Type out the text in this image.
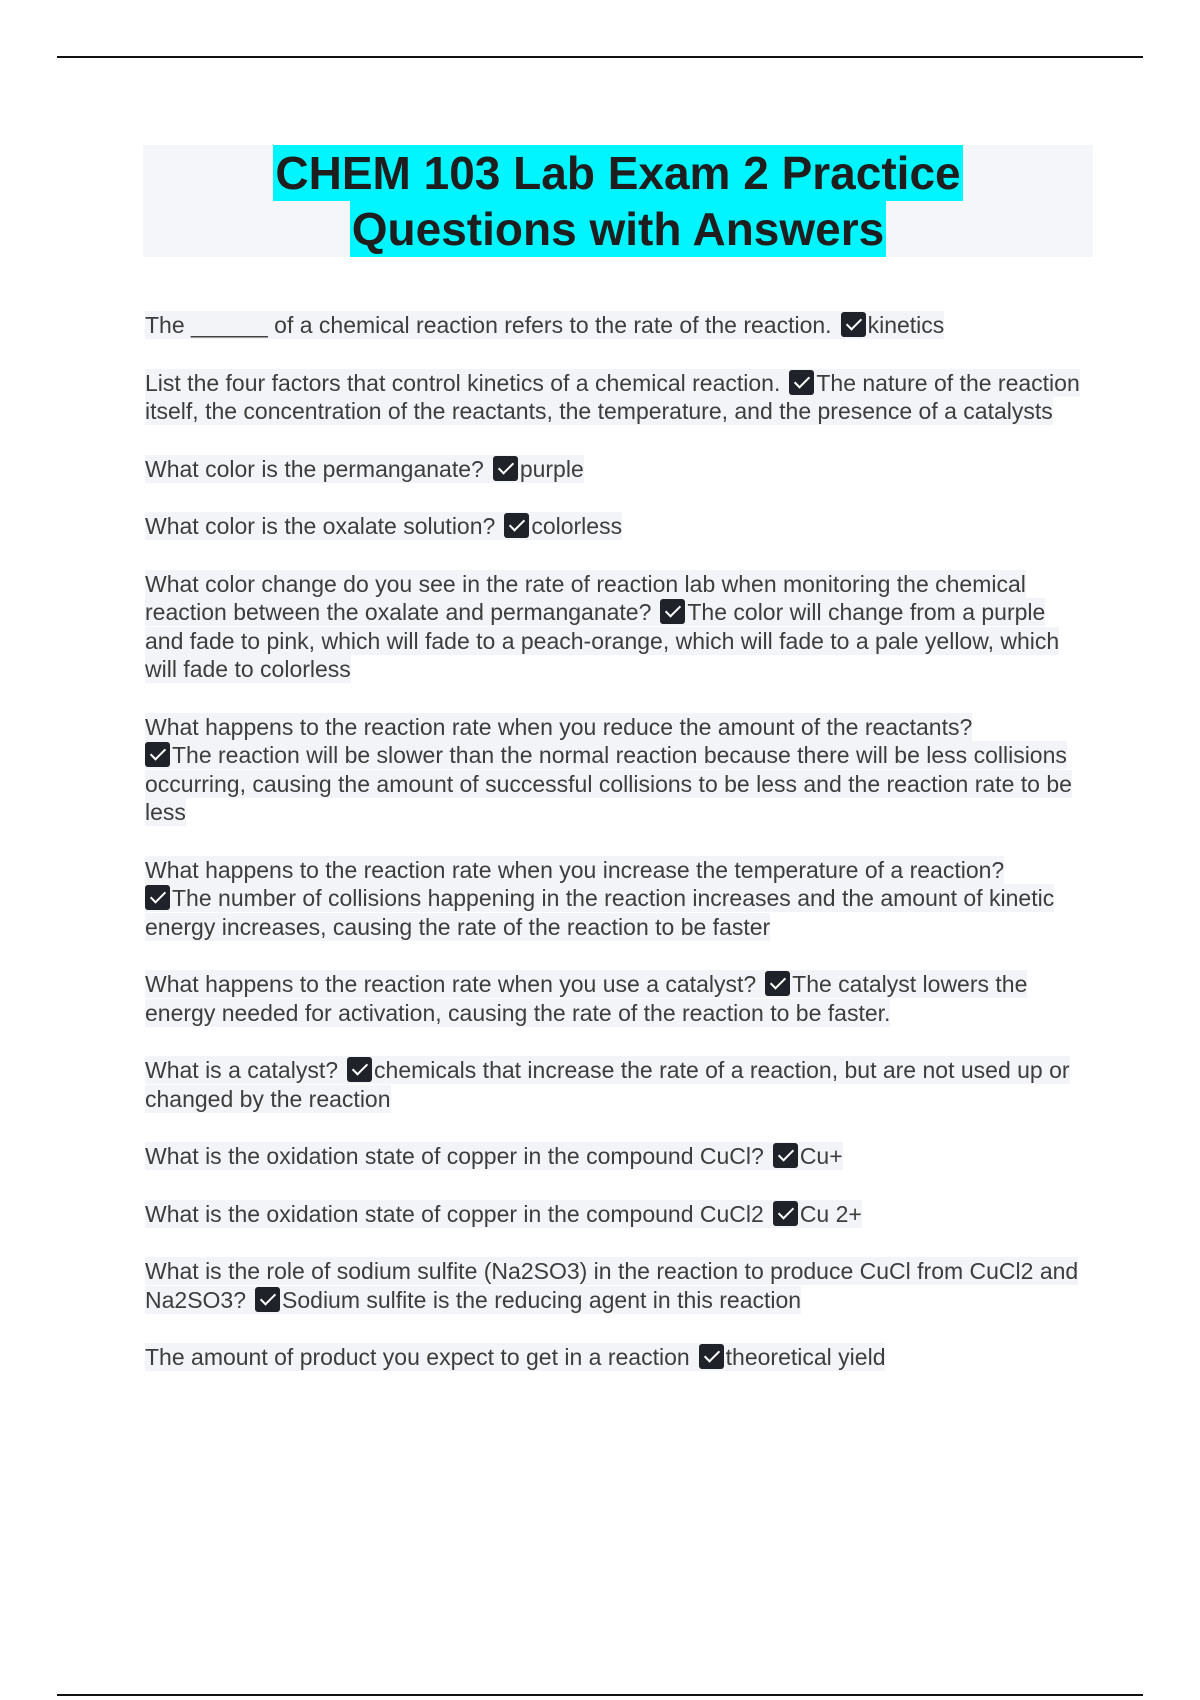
CHEM 103 Lab Exam 2 Practice
Questions with Answers
The ______ of a chemical reaction refers to the rate of the reaction. kinetics
List the four factors that control kinetics of a chemical reaction. The nature of the reaction itself, the concentration of the reactants, the temperature, and the presence of a catalysts
What color is the permanganate? purple
What color is the oxalate solution? colorless
What color change do you see in the rate of reaction lab when monitoring the chemical reaction between the oxalate and permanganate? The color will change from a purple and fade to pink, which will fade to a peach-orange, which will fade to a pale yellow, which will fade to colorless
What happens to the reaction rate when you reduce the amount of the reactants?
The reaction will be slower than the normal reaction because there will be less collisions occurring, causing the amount of successful collisions to be less and the reaction rate to be less
What happens to the reaction rate when you increase the temperature of a reaction?
The number of collisions happening in the reaction increases and the amount of kinetic energy increases, causing the rate of the reaction to be faster
What happens to the reaction rate when you use a catalyst? The catalyst lowers the energy needed for activation, causing the rate of the reaction to be faster.
What is a catalyst? chemicals that increase the rate of a reaction, but are not used up or changed by the reaction
What is the oxidation state of copper in the compound CuCl? Cu+
What is the oxidation state of copper in the compound CuCl2 Cu 2+
What is the role of sodium sulfite (Na2SO3) in the reaction to produce CuCl from CuCl2 and Na2SO3? Sodium sulfite is the reducing agent in this reaction
The amount of product you expect to get in a reaction theoretical yield
